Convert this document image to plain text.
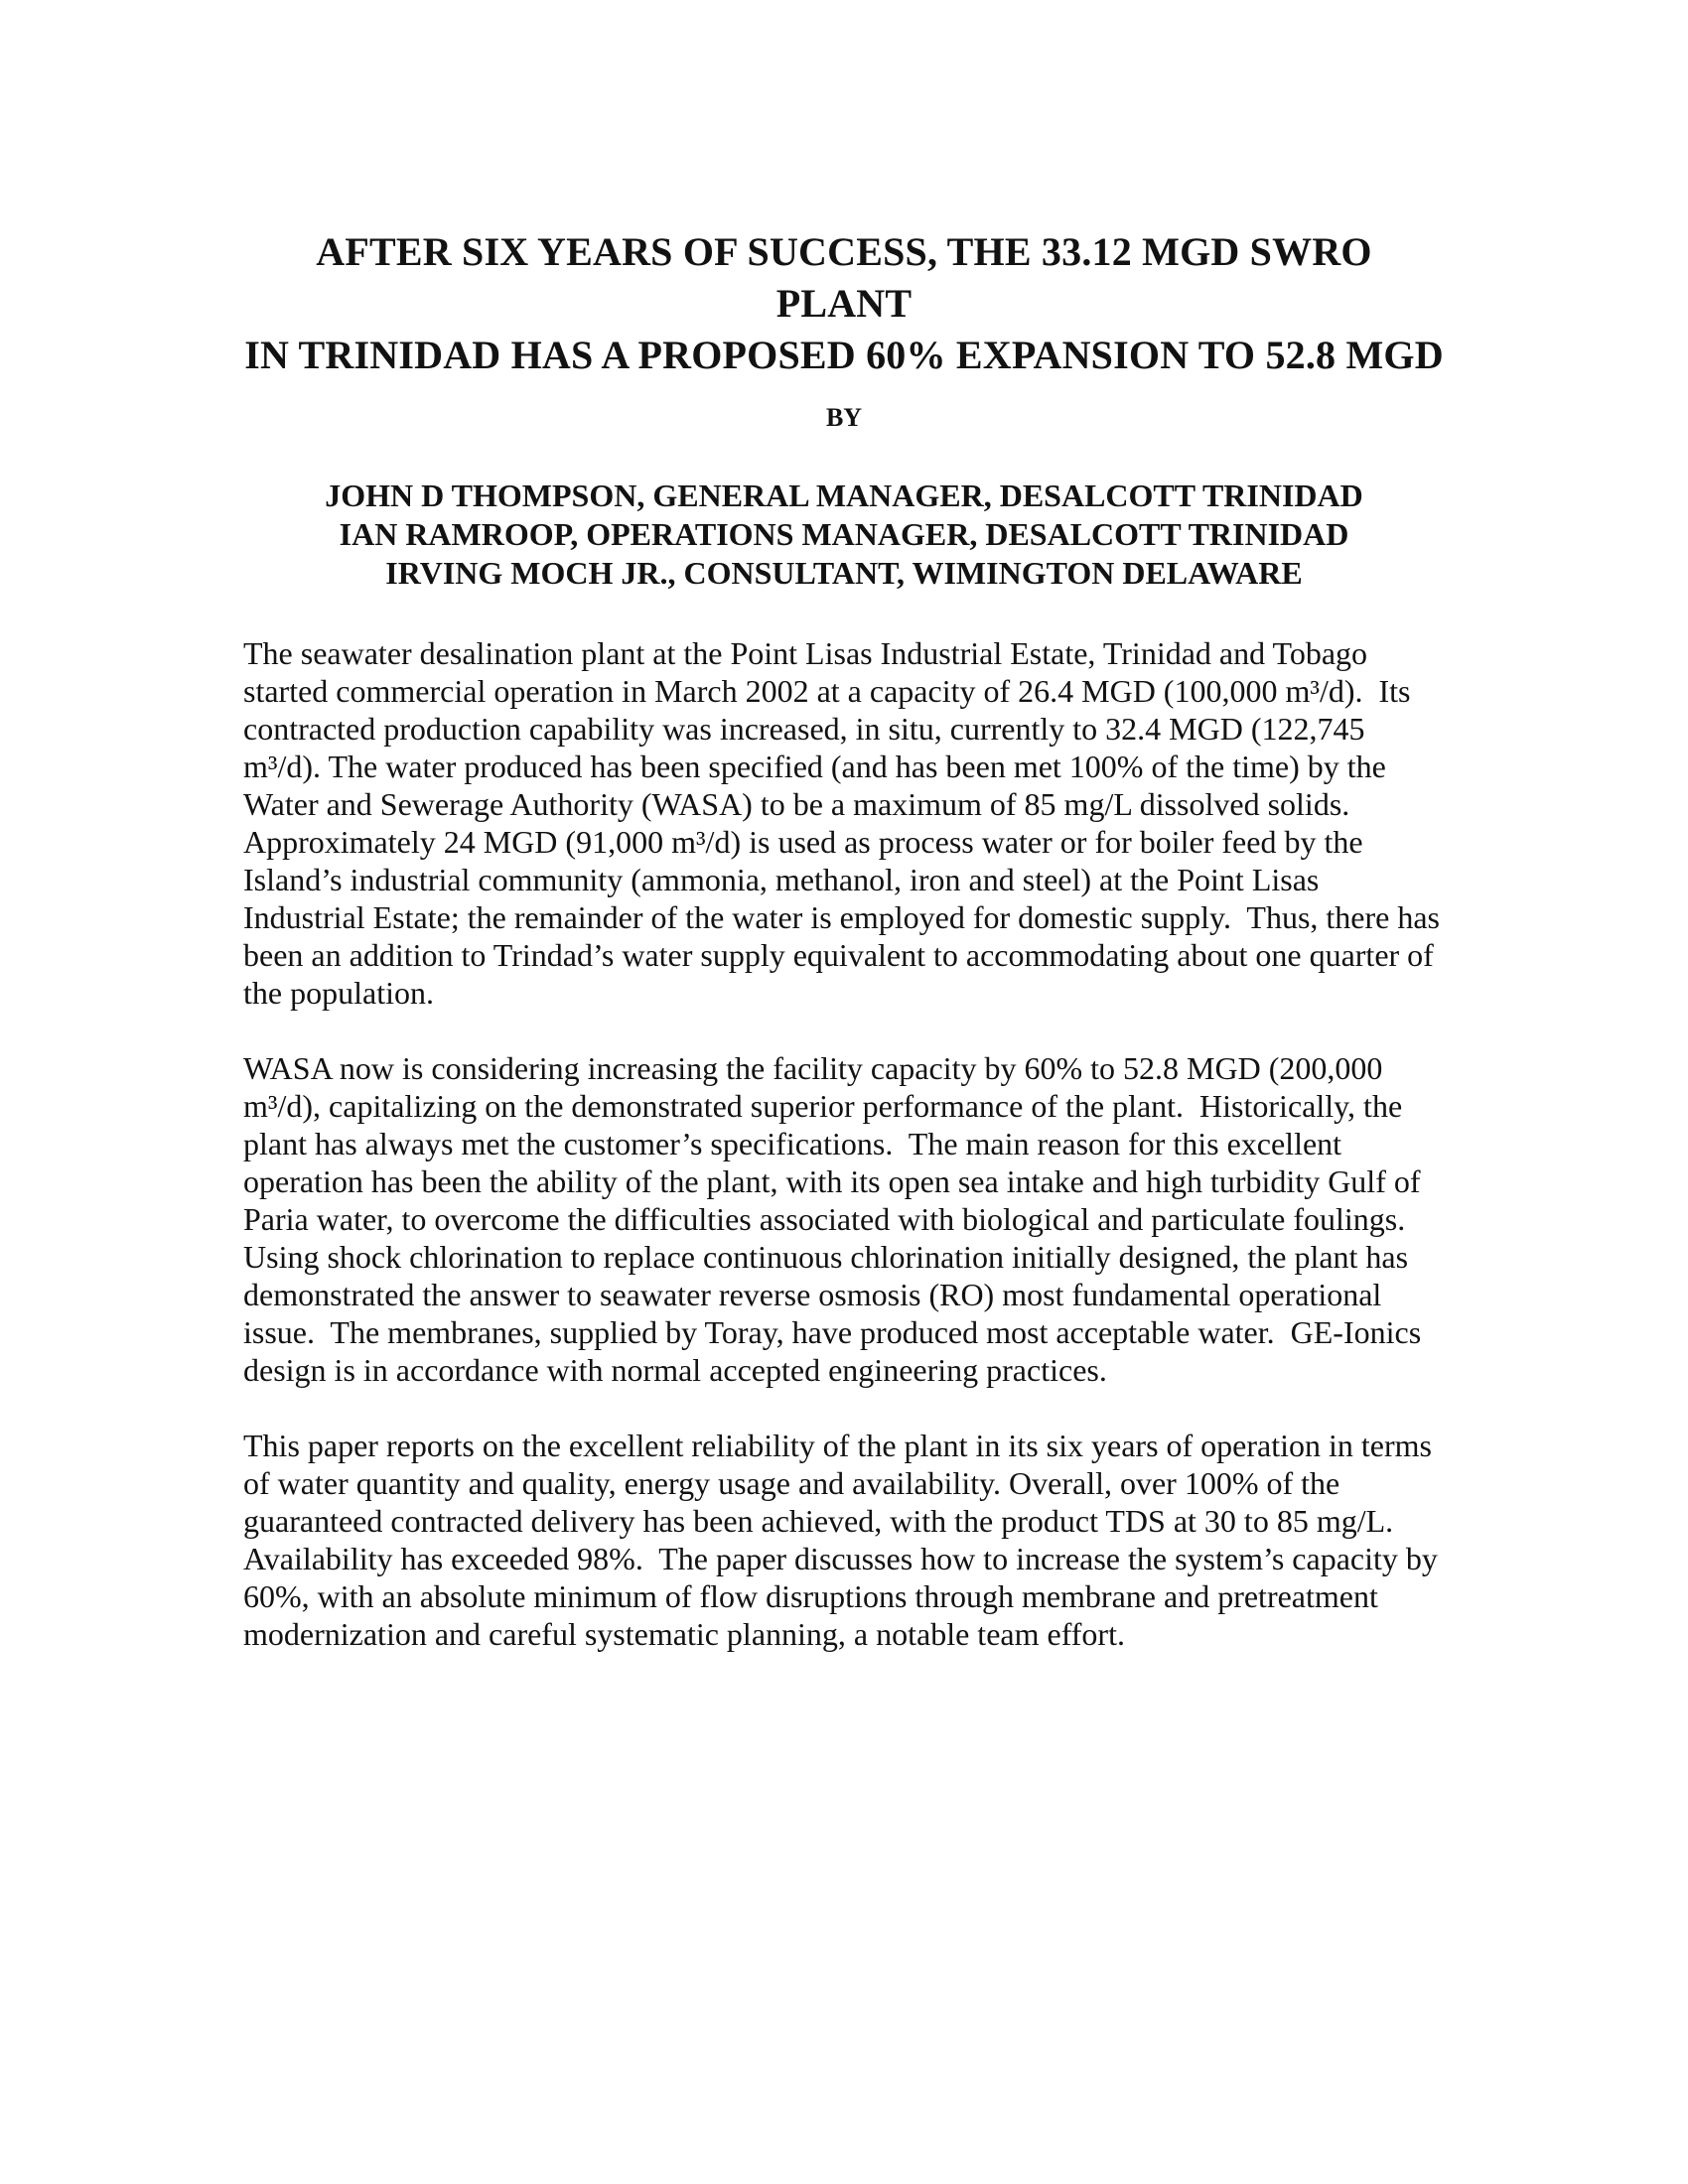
AFTER SIX YEARS OF SUCCESS, THE 33.12 MGD SWRO PLANT
IN TRINIDAD HAS A PROPOSED 60% EXPANSION TO 52.8 MGD
BY
JOHN D THOMPSON, GENERAL MANAGER, DESALCOTT TRINIDAD
IAN RAMROOP, OPERATIONS MANAGER, DESALCOTT TRINIDAD
IRVING MOCH JR., CONSULTANT, WIMINGTON DELAWARE

The seawater desalination plant at the Point Lisas Industrial Estate, Trinidad and Tobago started commercial operation in March 2002 at a capacity of 26.4 MGD (100,000 m³/d).  Its contracted production capability was increased, in situ, currently to 32.4 MGD (122,745 m³/d). The water produced has been specified (and has been met 100% of the time) by the Water and Sewerage Authority (WASA) to be a maximum of 85 mg/L dissolved solids.  Approximately 24 MGD (91,000 m³/d) is used as process water or for boiler feed by the Island’s industrial community (ammonia, methanol, iron and steel) at the Point Lisas Industrial Estate; the remainder of the water is employed for domestic supply.  Thus, there has been an addition to Trindad’s water supply equivalent to accommodating about one quarter of the population.

WASA now is considering increasing the facility capacity by 60% to 52.8 MGD (200,000 m³/d), capitalizing on the demonstrated superior performance of the plant.  Historically, the plant has always met the customer’s specifications.  The main reason for this excellent operation has been the ability of the plant, with its open sea intake and high turbidity Gulf of Paria water, to overcome the difficulties associated with biological and particulate foulings.  Using shock chlorination to replace continuous chlorination initially designed, the plant has demonstrated the answer to seawater reverse osmosis (RO) most fundamental operational issue.  The membranes, supplied by Toray, have produced most acceptable water.  GE-Ionics design is in accordance with normal accepted engineering practices.

This paper reports on the excellent reliability of the plant in its six years of operation in terms of water quantity and quality, energy usage and availability. Overall, over 100% of the guaranteed contracted delivery has been achieved, with the product TDS at 30 to 85 mg/L.   Availability has exceeded 98%.  The paper discusses how to increase the system’s capacity by 60%, with an absolute minimum of flow disruptions through membrane and pretreatment modernization and careful systematic planning, a notable team effort.
